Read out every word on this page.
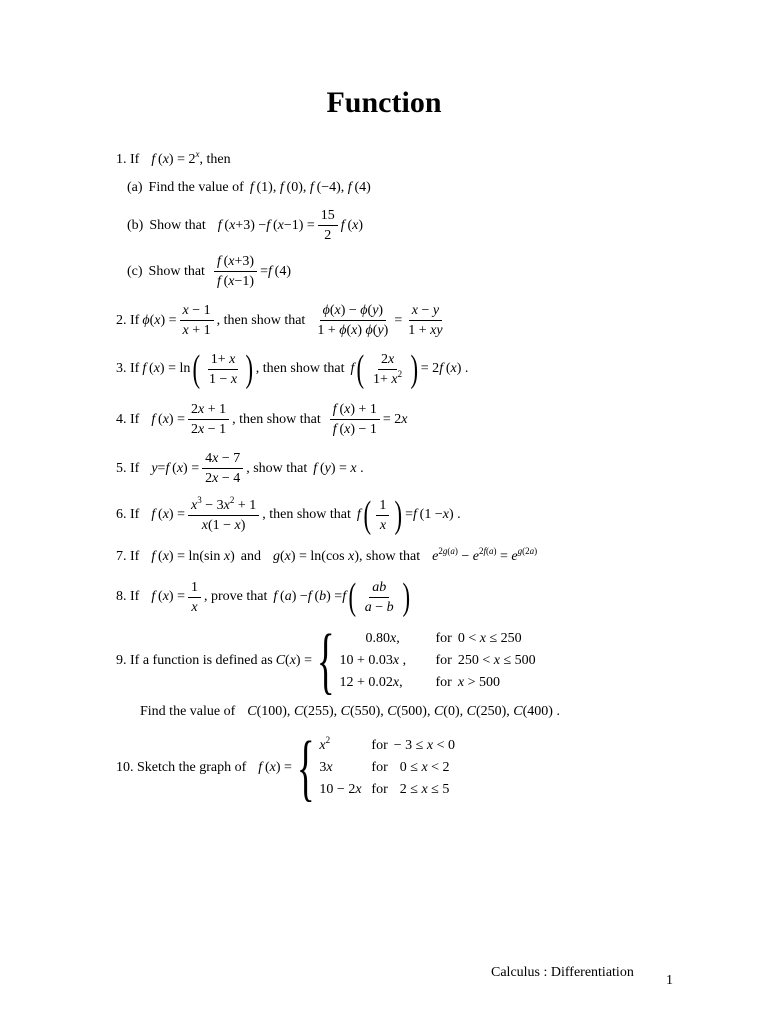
Function
1. If f $(x) = 2^x$ , then
(a) Find the value of f (1), f (0), f (−4), f (4)
(b) Show that f  ( x +3) − f  ( $x -1) = \frac{15}{2}$ f  ( x )
(c) Show that $\frac{f (x+3)}{f (x-1)} = f$  (4)
2. If ϕ ( x ) = $\frac{x - 1}{x + 1}$ , then show that $\frac{\phi(x) - \phi(y)}{1 + \phi(x) \phi(y)} = \frac{x - y}{1 + xy}$
3. If f  ( x ) = ln ( $\frac{1+ x}{1 - x}$ ) , then show that f ( $\frac{2x}{1+ x^2}$ ) = 2 f  ( x ) .
4. If f  ( x ) = $\frac{2x + 1}{2x - 1}$ , then show that $\frac{f (x) + 1}{f (x) - 1} = 2$ x
5. If y = f  ( x ) = $\frac{4x - 7}{2x - 4}$ , show that f (y) = x .
6. If f  ( x ) = $\frac{x^3 - 3x^2 + 1}{x(1 - x)}$ , then show that f ( $\frac{1}{x}$ ) = f  (1 − x ) .
7. If f (x) = ln(sin x) and g(x) = ln(cos x) , show that $e^{2g(a)} - e^{2f(a)} = e^{g(2a)}$
8. If f  ( x ) = $\frac{1}{x}$ , prove that f  ( a ) − f  ( b ) = f ( $\frac{ab}{a - b}$ )
9. If a function is defined as C(x) = {	0.80x,	for 0 < x ≤ 250
10 + 0.03x ,	for 250 < x ≤ 500
12 + 0.02x,	for x > 500
Find the value of C(100), C(255), C(550), C(500), C(0), C(250), C(400) .
10. Sketch the graph of f (x) = { $x^2$	for − 3 ≤ x < 0
3x	for 0 ≤ x < 2
10 − 2x for 2 ≤ x ≤ 5
Calculus : Differentiation
1
